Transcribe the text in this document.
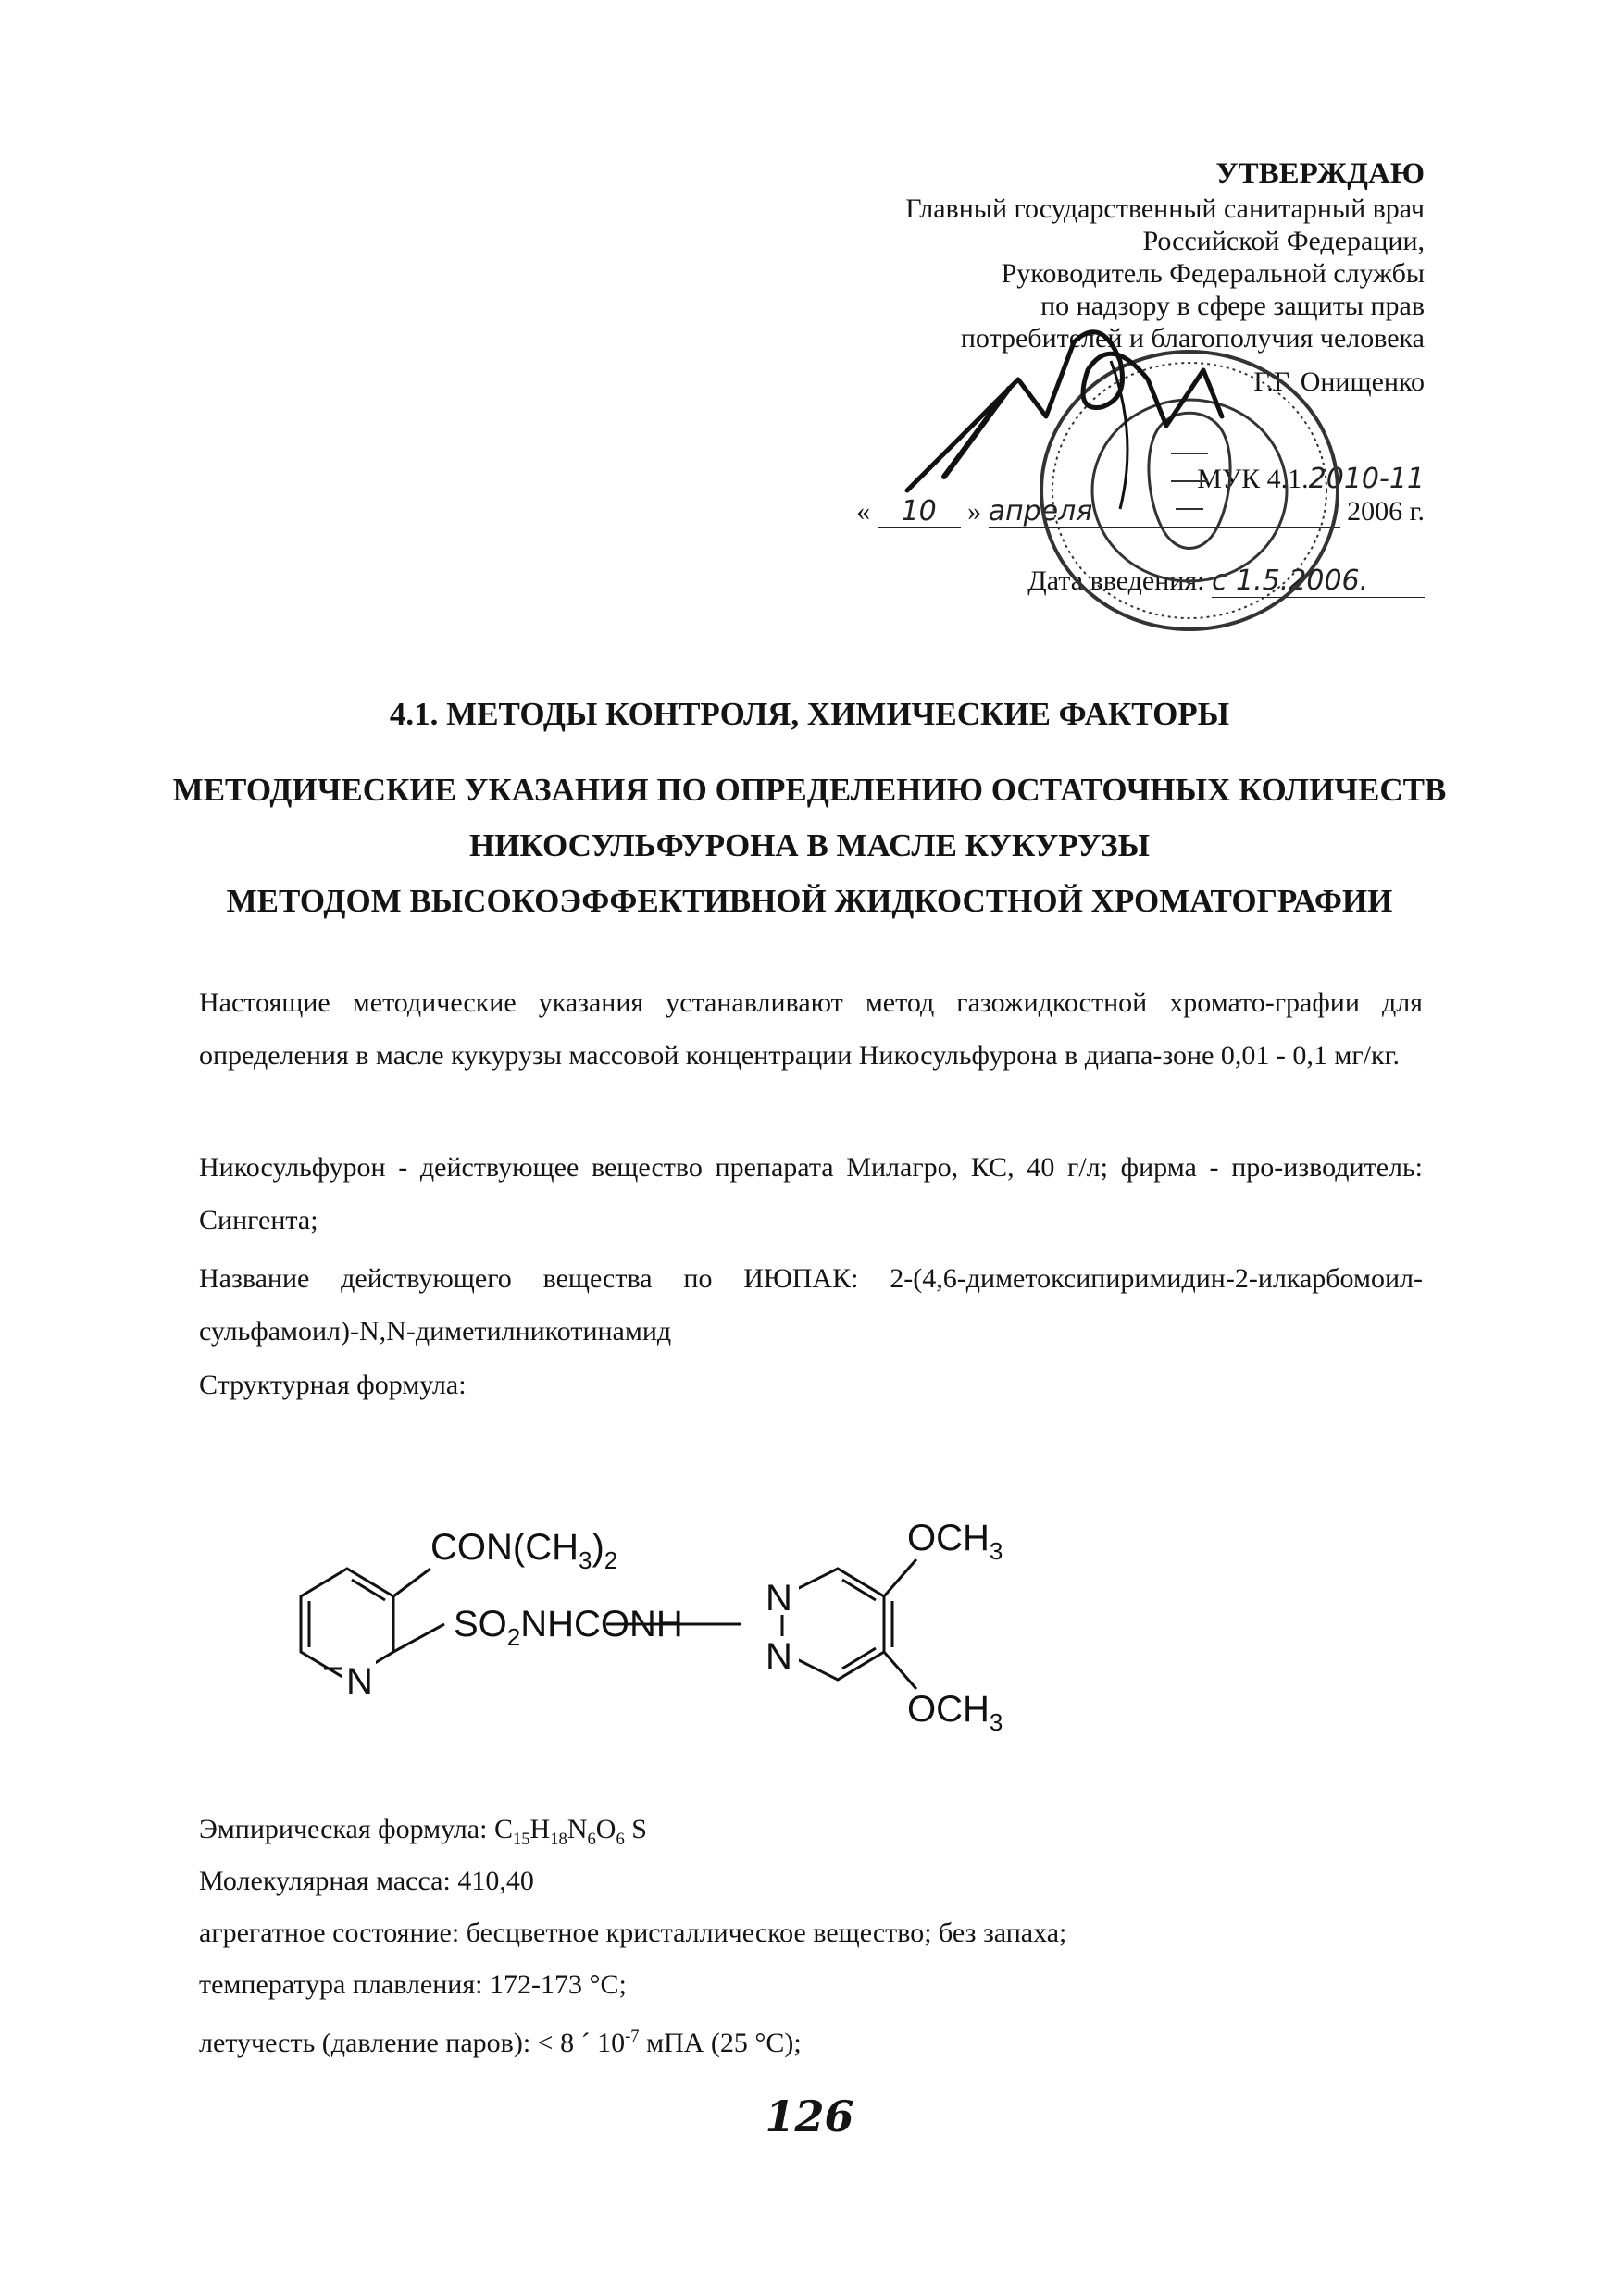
УТВЕРЖДАЮ
Главный государственный санитарный врач
Российской Федерации,
Руководитель Федеральной службы
по надзору в сфере защиты прав
потребителей и благополучия человека
Г.Г. Онищенко
МУК 4.1.2010-11
« 10 » апреля	2006 г.
Дата введения: с 1.5.2006.
4.1. МЕТОДЫ КОНТРОЛЯ, ХИМИЧЕСКИЕ ФАКТОРЫ
МЕТОДИЧЕСКИЕ УКАЗАНИЯ ПО ОПРЕДЕЛЕНИЮ ОСТАТОЧНЫХ КОЛИЧЕСТВ
НИКОСУЛЬФУРОНА В МАСЛЕ КУКУРУЗЫ
МЕТОДОМ ВЫСОКОЭФФЕКТИВНОЙ ЖИДКОСТНОЙ ХРОМАТОГРАФИИ
Настоящие методические указания устанавливают метод газожидкостной хромато-графии для определения в масле кукурузы массовой концентрации Никосульфурона в диапа-зоне 0,01 - 0,1 мг/кг.
Никосульфурон - действующее вещество препарата Милагро, КС, 40 г/л; фирма - про-изводитель: Сингента;
Название действующего вещества по ИЮПАК: 2-(4,6-диметоксипиримидин-2-илкарбомоил-сульфамоил)-N,N-диметилникотинамид
Структурная формула:
$CON(CH_3)_2$
$SO_2NHCONH$
N
N
N
$OCH_3$
$OCH_3$
Эмпирическая формула: $C_{15}H_{18}N_6O_6$ S
Молекулярная масса: 410,40
агрегатное состояние: бесцветное кристаллическое вещество; без запаха;
температура плавления: 172-173 °С;
летучесть (давление паров): < 8 ´ $10^{-7}$ мПА (25 °С);
126
